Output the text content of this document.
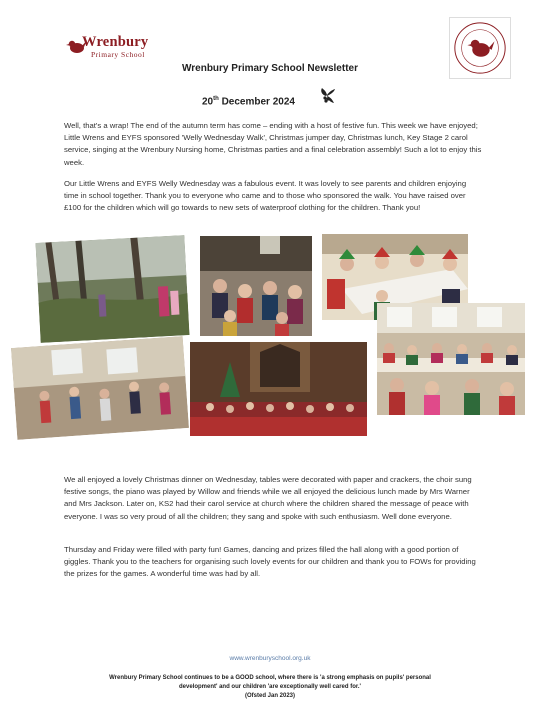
Wrenbury
Primary School
Wrenbury Primary School Newsletter
20th December 2024

Well, that's a wrap! The end of the autumn term has come – ending with a host of festive fun. This week we have enjoyed; Little Wrens and EYFS sponsored 'Welly Wednesday Walk', Christmas jumper day, Christmas lunch, Key Stage 2 carol service, singing at the Wrenbury Nursing home, Christmas parties and a final celebration assembly! Such a lot to enjoy this week.

Our Little Wrens and EYFS Welly Wednesday was a fabulous event. It was lovely to see parents and children enjoying time in school together. Thank you to everyone who came and to those who sponsored the walk. You have raised over £100 for the children which will go towards to new sets of waterproof clothing for the children. Thank you!

We all enjoyed a lovely Christmas dinner on Wednesday, tables were decorated with paper and crackers, the choir sung festive songs, the piano was played by Willow and friends while we all enjoyed the delicious lunch made by Mrs Warner and Mrs Jackson. Later on, KS2 had their carol service at church where the children shared the message of peace with everyone. I was so very proud of all the children; they sang and spoke with such enthusiasm. Well done everyone.

Thursday and Friday were filled with party fun! Games, dancing and prizes filled the hall along with a good portion of giggles. Thank you to the teachers for organising such lovely events for our children and thank you to FOWs for providing the prizes for the games. A wonderful time was had by all.

www.wrenburyschool.org.uk
Wrenbury Primary School continues to be a GOOD school, where there is 'a strong emphasis on pupils' personal
development' and our children 'are exceptionally well cared for.'
(Ofsted Jan 2023)
